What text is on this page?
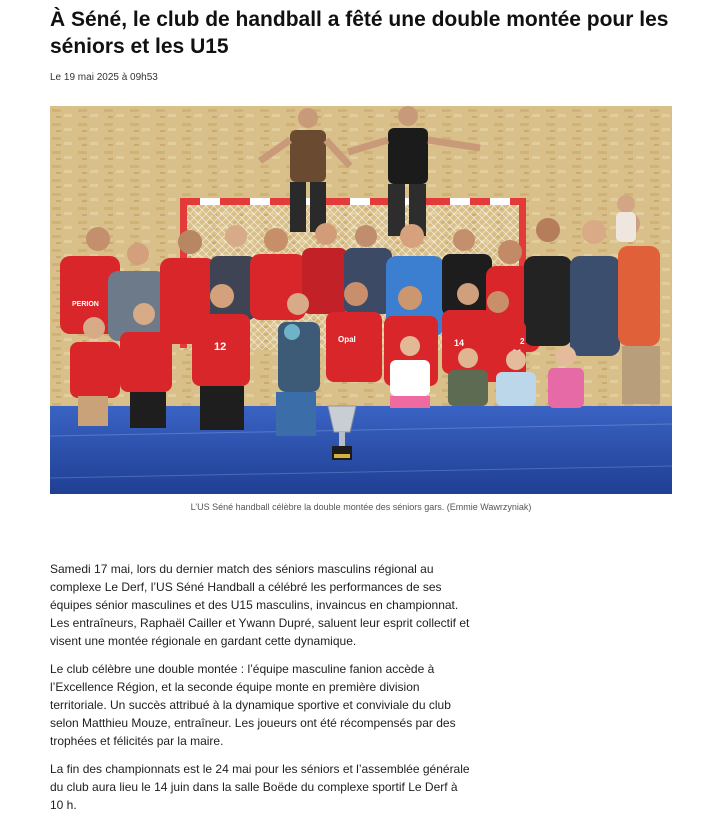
À Séné, le club de handball a fêté une double montée pour les séniors et les U15
Le 19 mai 2025 à 09h53
PERION
12
Opal	14	2
L’US Séné handball célèbre la double montée des séniors gars. (Emmie Wawrzyniak)

Samedi 17 mai, lors du dernier match des séniors masculins régional au complexe Le Derf, l’US Séné Handball a célébré les performances de ses équipes sénior masculines et des U15 masculins, invaincus en championnat. Les entraîneurs, Raphaël Cailler et Ywann Dupré, saluent leur esprit collectif et visent une montée régionale en gardant cette dynamique.

Le club célèbre une double montée : l’équipe masculine fanion accède à l’Excellence Région, et la seconde équipe monte en première division territoriale. Un succès attribué à la dynamique sportive et conviviale du club selon Matthieu Mouze, entraîneur. Les joueurs ont été récompensés par des trophées et félicités par la maire.

La fin des championnats est le 24 mai pour les séniors et l’assemblée générale du club aura lieu le 14 juin dans la salle Boëde du complexe sportif Le Derf à 10 h.
